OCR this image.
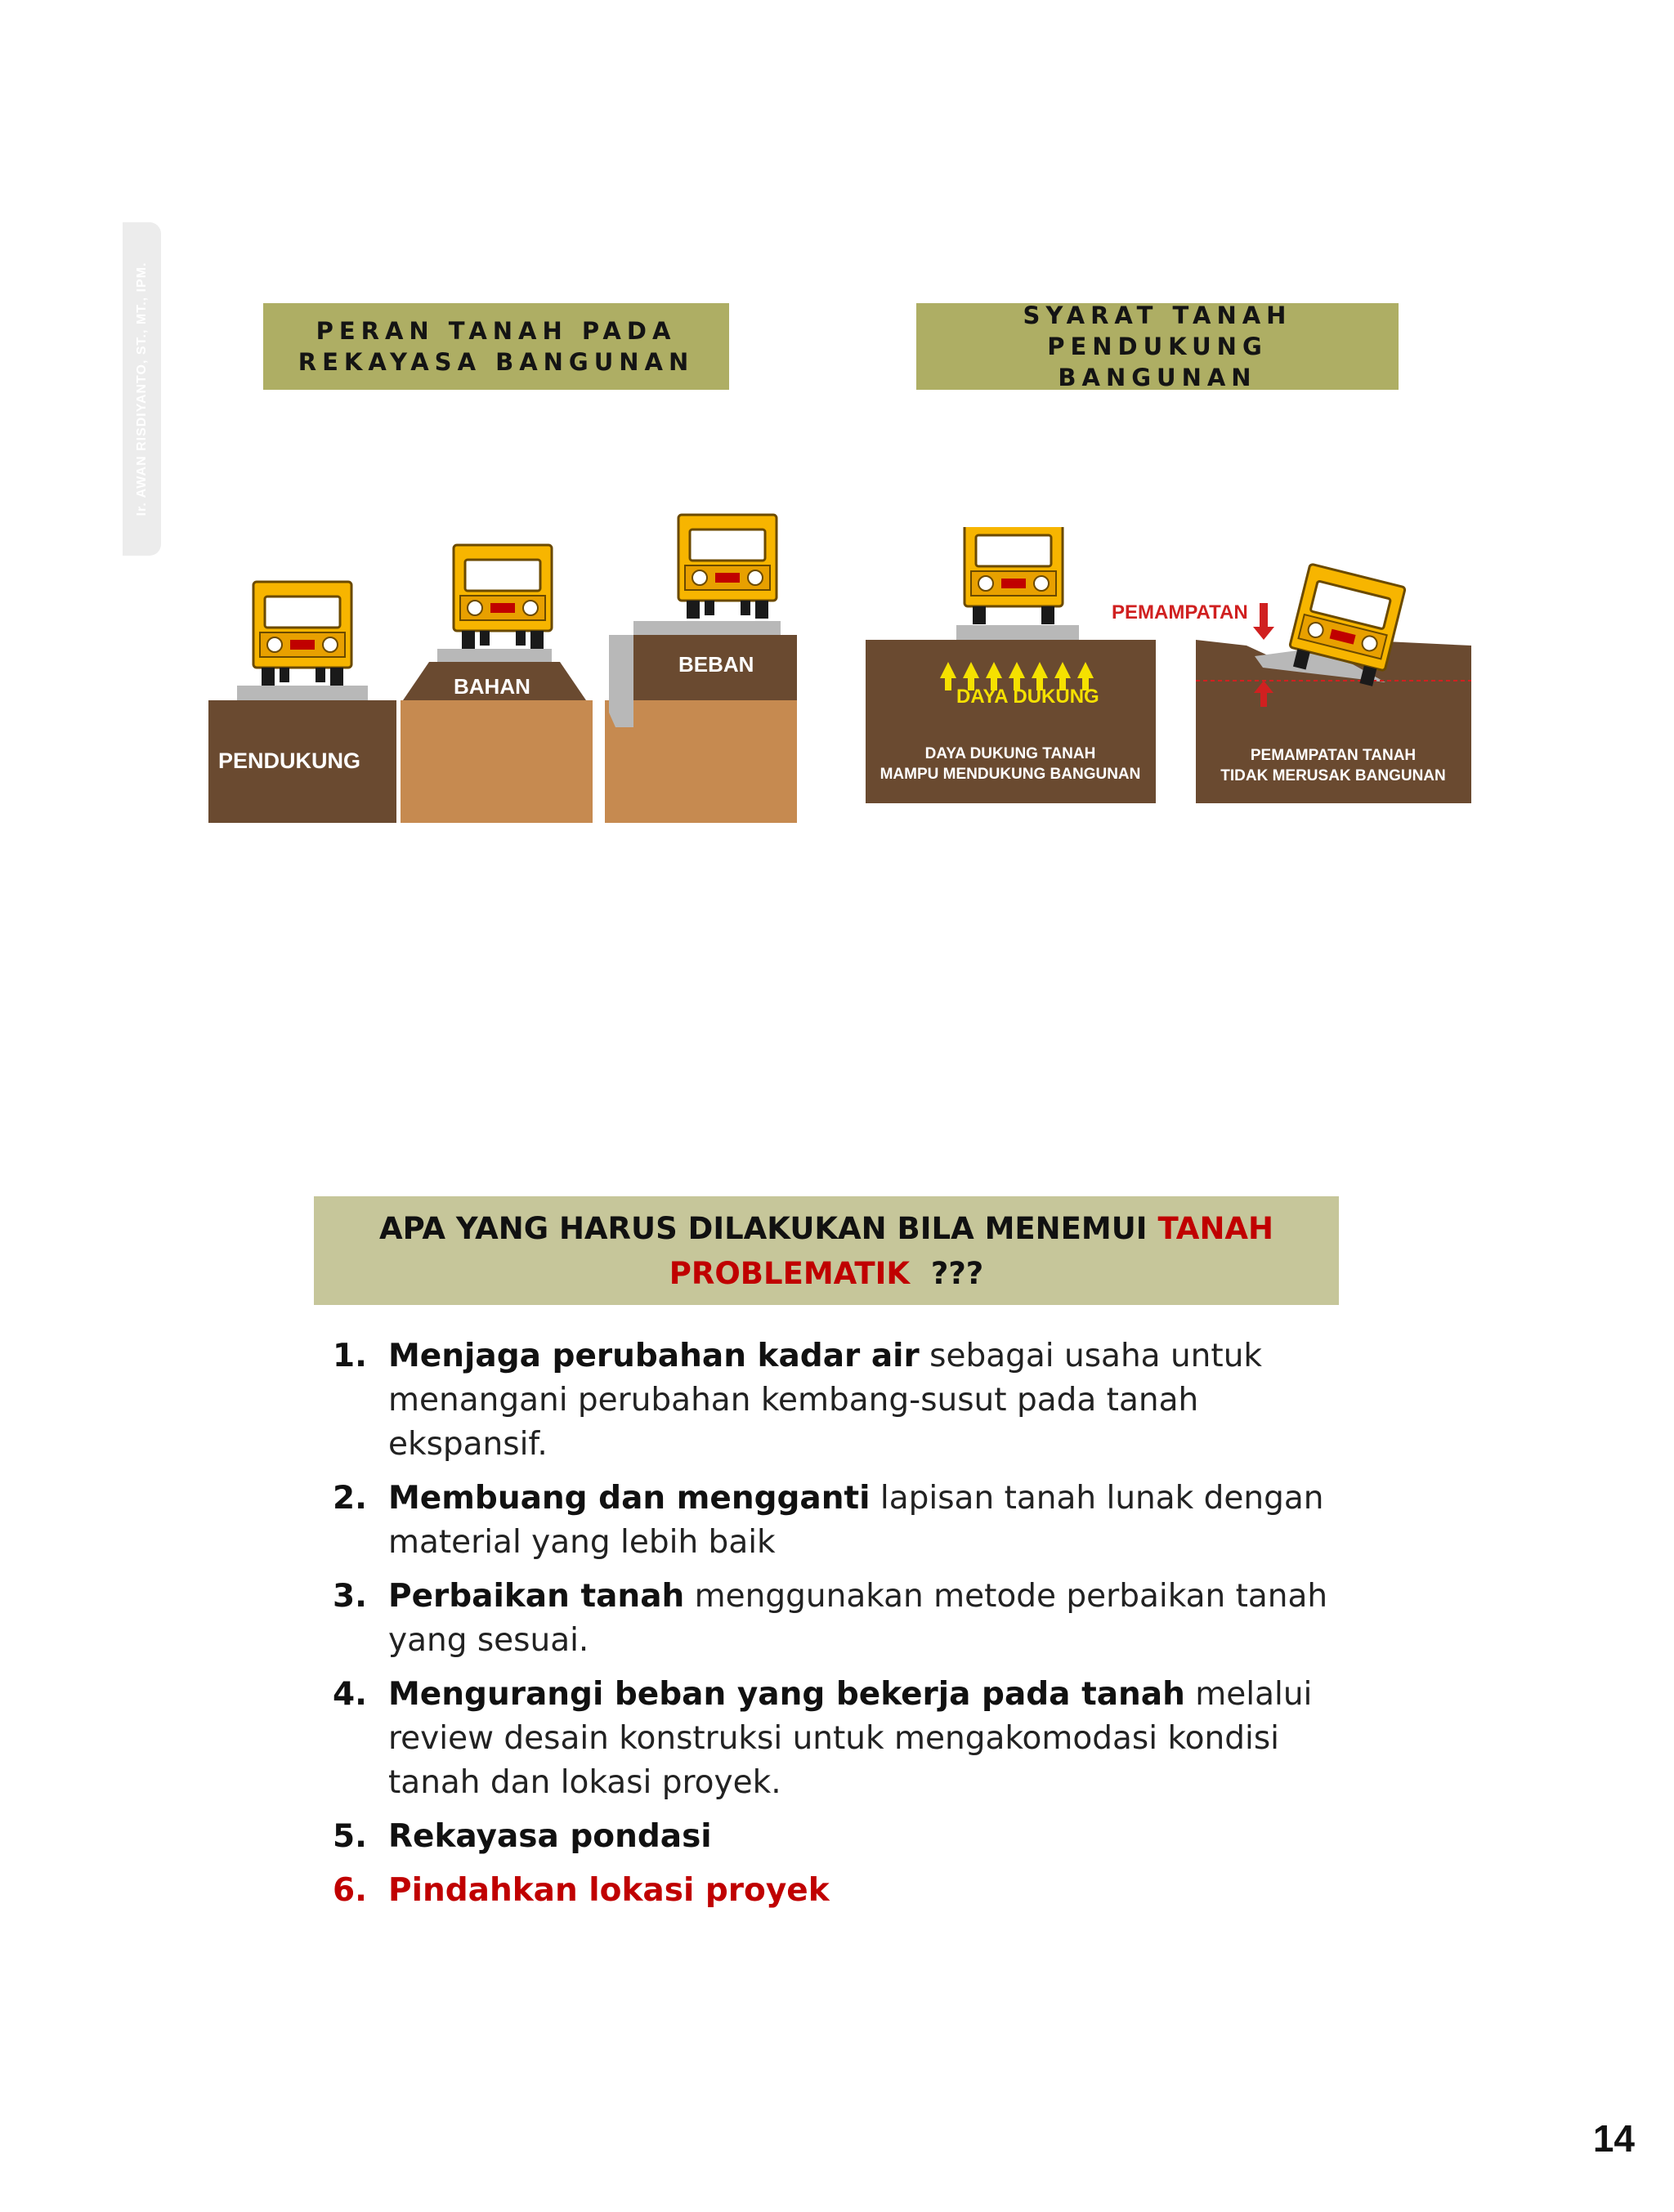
Ir. AWAN RISDIYANTO, ST., MT., IPM.	PERAN TANAH PADA
REKAYASA BANGUNAN
SYARAT TANAH PENDUKUNG
BANGUNAN
PENDUKUNG
BAHAN
BEBAN
DAYA DUKUNG
DAYA DUKUNG TANAH
MAMPU MENDUKUNG BANGUNAN
PEMAMPATAN
PEMAMPATAN TANAH
TIDAK MERUSAK BANGUNAN
APA YANG HARUS DILAKUKAN BILA MENEMUI TANAH
PROBLEMATIK  ???
1. Menjaga perubahan kadar air sebagai usaha untuk menangani perubahan kembang-susut pada tanah ekspansif.
2. Membuang dan mengganti lapisan tanah lunak dengan material yang lebih baik
3. Perbaikan tanah menggunakan metode perbaikan tanah yang sesuai.
4. Mengurangi beban yang bekerja pada tanah melalui review desain konstruksi untuk mengakomodasi kondisi tanah dan lokasi proyek.
5. Rekayasa pondasi
6. Pindahkan lokasi proyek
14
